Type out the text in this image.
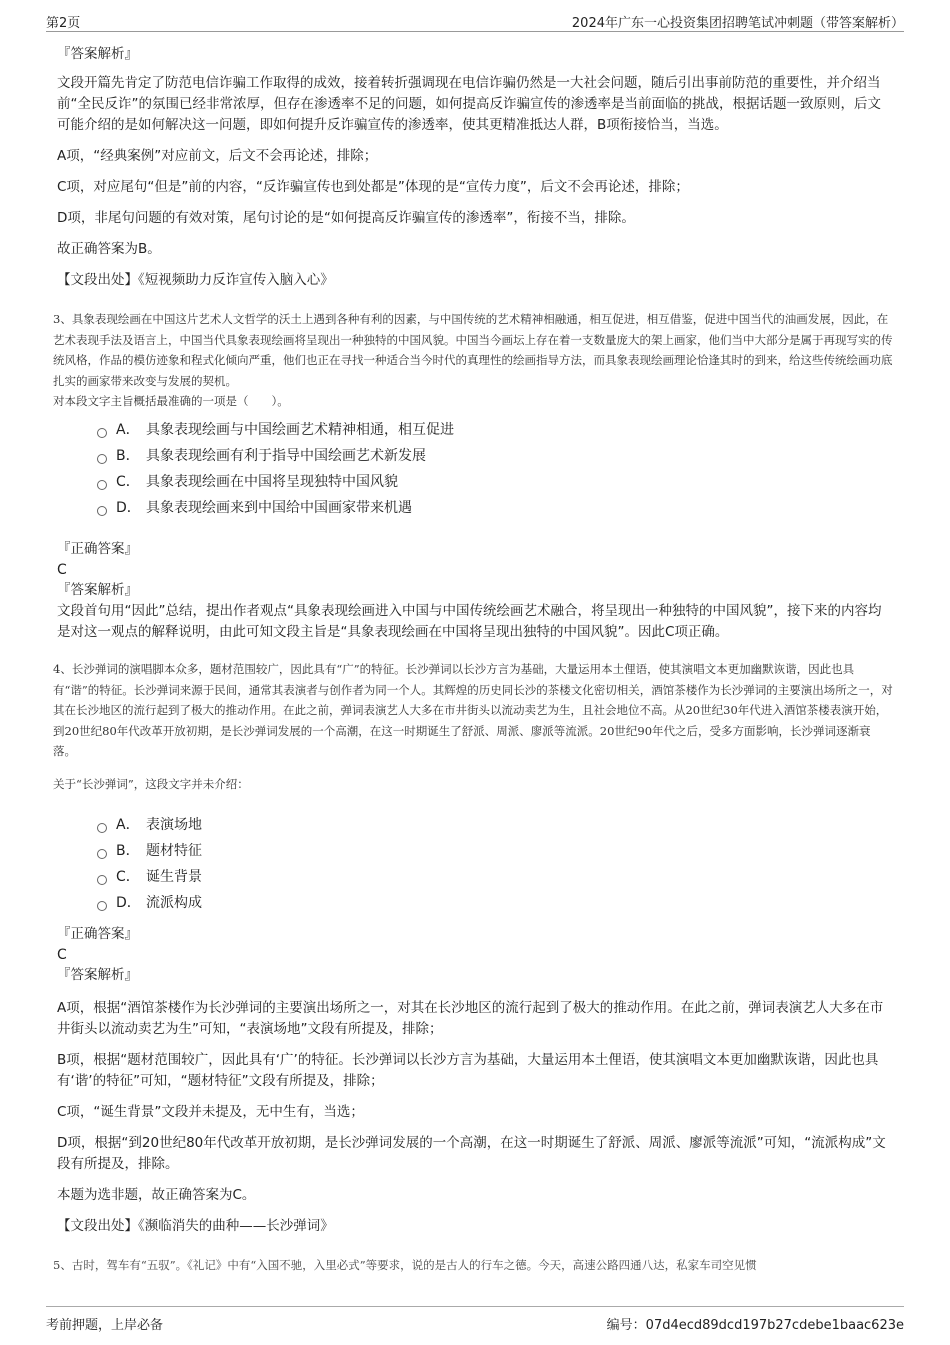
第2页	2024年广东一心投资集团招聘笔试冲刺题（带答案解析）

『答案解析』

文段开篇先肯定了防范电信诈骗工作取得的成效，接着转折强调现在电信诈骗仍然是一大社会问题，随后引出事前防范的重要性，并介绍当前“全民反诈”的氛围已经非常浓厚，但存在渗透率不足的问题，如何提高反诈骗宣传的渗透率是当前面临的挑战，根据话题一致原则，后文可能介绍的是如何解决这一问题，即如何提升反诈骗宣传的渗透率，使其更精准抵达人群，B项衔接恰当，当选。

A项，“经典案例”对应前文，后文不会再论述，排除；

C项，对应尾句“但是”前的内容，“反诈骗宣传也到处都是”体现的是“宣传力度”，后文不会再论述，排除；

D项，非尾句问题的有效对策，尾句讨论的是“如何提高反诈骗宣传的渗透率”，衔接不当，排除。

故正确答案为B。

【文段出处】《短视频助力反诈宣传入脑入心》

3、具象表现绘画在中国这片艺术人文哲学的沃土上遇到各种有利的因素，与中国传统的艺术精神相融通，相互促进，相互借鉴，促进中国当代的油画发展，因此，在艺术表现手法及语言上，中国当代具象表现绘画将呈现出一种独特的中国风貌。中国当今画坛上存在着一支数量庞大的架上画家，他们当中大部分是属于再现写实的传统风格，作品的模仿迹象和程式化倾向严重，他们也正在寻找一种适合当今时代的真理性的绘画指导方法，而具象表现绘画理论恰逢其时的到来，给这些传统绘画功底扎实的画家带来改变与发展的契机。

对本段文字主旨概括最准确的一项是（　　）。

A． 具象表现绘画与中国绘画艺术精神相通，相互促进
B． 具象表现绘画有利于指导中国绘画艺术新发展
C． 具象表现绘画在中国将呈现独特中国风貌
D． 具象表现绘画来到中国给中国画家带来机遇

『正确答案』

C

『答案解析』

文段首句用“因此”总结，提出作者观点“具象表现绘画进入中国与中国传统绘画艺术融合，将呈现出一种独特的中国风貌”，接下来的内容均是对这一观点的解释说明，由此可知文段主旨是“具象表现绘画在中国将呈现出独特的中国风貌”。因此C项正确。

4、长沙弹词的演唱脚本众多，题材范围较广，因此具有“广”的特征。长沙弹词以长沙方言为基础，大量运用本土俚语，使其演唱文本更加幽默诙谐，因此也具有“谐”的特征。长沙弹词来源于民间，通常其表演者与创作者为同一个人。其辉煌的历史同长沙的茶楼文化密切相关，酒馆茶楼作为长沙弹词的主要演出场所之一，对其在长沙地区的流行起到了极大的推动作用。在此之前，弹词表演艺人大多在市井街头以流动卖艺为生，且社会地位不高。从20世纪30年代进入酒馆茶楼表演开始，到20世纪80年代改革开放初期，是长沙弹词发展的一个高潮，在这一时期诞生了舒派、周派、廖派等流派。20世纪90年代之后，受多方面影响，长沙弹词逐渐衰落。

关于“长沙弹词”，这段文字并未介绍：

A． 表演场地
B． 题材特征
C． 诞生背景
D． 流派构成

『正确答案』

C

『答案解析』

A项，根据“酒馆茶楼作为长沙弹词的主要演出场所之一，对其在长沙地区的流行起到了极大的推动作用。在此之前，弹词表演艺人大多在市井街头以流动卖艺为生”可知，“表演场地”文段有所提及，排除；

B项，根据“题材范围较广，因此具有‘广’的特征。长沙弹词以长沙方言为基础，大量运用本土俚语，使其演唱文本更加幽默诙谐，因此也具有‘谐’的特征”可知，“题材特征”文段有所提及，排除；

C项，“诞生背景”文段并未提及，无中生有，当选；

D项，根据“到20世纪80年代改革开放初期，是长沙弹词发展的一个高潮，在这一时期诞生了舒派、周派、廖派等流派”可知，“流派构成”文段有所提及，排除。

本题为选非题，故正确答案为C。

【文段出处】《濒临消失的曲种——长沙弹词》

5、古时，驾车有“五驭”。《礼记》中有“入国不驰，入里必式”等要求，说的是古人的行车之德。今天，高速公路四通八达，私家车司空见惯

考前押题，上岸必备	编号：07d4ecd89dcd197b27cdebe1baac623e
